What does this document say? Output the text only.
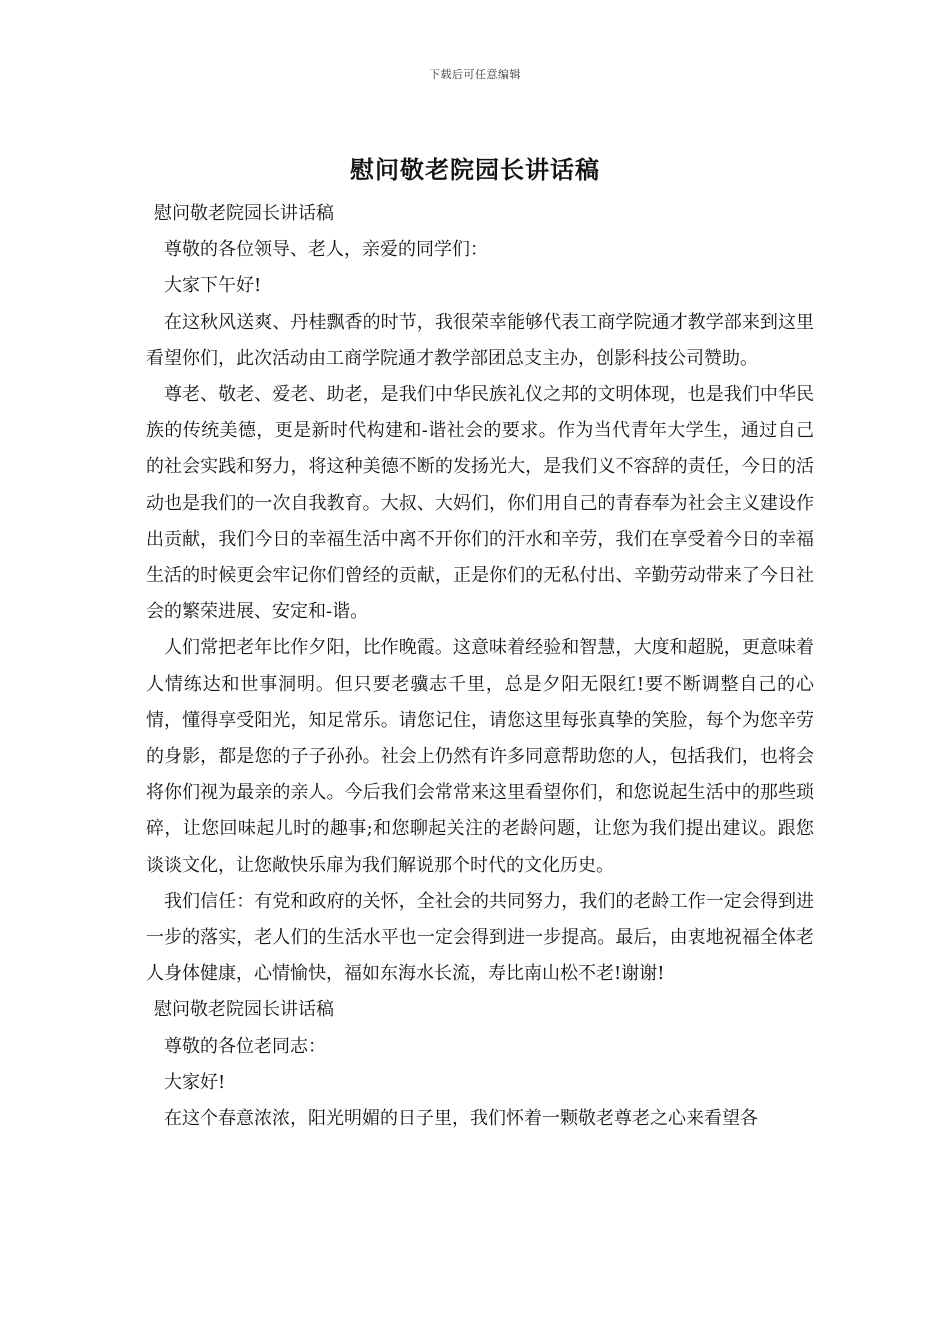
下载后可任意编辑
慰问敬老院园长讲话稿

慰问敬老院园长讲话稿

尊敬的各位领导、老人，亲爱的同学们：

大家下午好!

在这秋风送爽、丹桂飘香的时节，我很荣幸能够代表工商学院通才教学部来到这里看望你们，此次活动由工商学院通才教学部团总支主办，创影科技公司赞助。

尊老、敬老、爱老、助老，是我们中华民族礼仪之邦的文明体现，也是我们中华民族的传统美德，更是新时代构建和-谐社会的要求。作为当代青年大学生，通过自己的社会实践和努力，将这种美德不断的发扬光大，是我们义不容辞的责任，今日的活动也是我们的一次自我教育。大叔、大妈们，你们用自己的青春奉为社会主义建设作出贡献，我们今日的幸福生活中离不开你们的汗水和辛劳，我们在享受着今日的幸福生活的时候更会牢记你们曾经的贡献，正是你们的无私付出、辛勤劳动带来了今日社会的繁荣进展、安定和-谐。

人们常把老年比作夕阳，比作晚霞。这意味着经验和智慧，大度和超脱，更意味着人情练达和世事洞明。但只要老骥志千里，总是夕阳无限红!要不断调整自己的心情，懂得享受阳光，知足常乐。请您记住，请您这里每张真挚的笑脸，每个为您辛劳的身影，都是您的子子孙孙。社会上仍然有许多同意帮助您的人，包括我们，也将会将你们视为最亲的亲人。今后我们会常常来这里看望你们，和您说起生活中的那些琐碎，让您回味起儿时的趣事;和您聊起关注的老龄问题，让您为我们提出建议。跟您谈谈文化，让您敞快乐扉为我们解说那个时代的文化历史。

我们信任：有党和政府的关怀，全社会的共同努力，我们的老龄工作一定会得到进一步的落实，老人们的生活水平也一定会得到进一步提高。最后，由衷地祝福全体老人身体健康，心情愉快，福如东海水长流，寿比南山松不老!谢谢!

慰问敬老院园长讲话稿

尊敬的各位老同志：

大家好!

在这个春意浓浓，阳光明媚的日子里，我们怀着一颗敬老尊老之心来看望各
